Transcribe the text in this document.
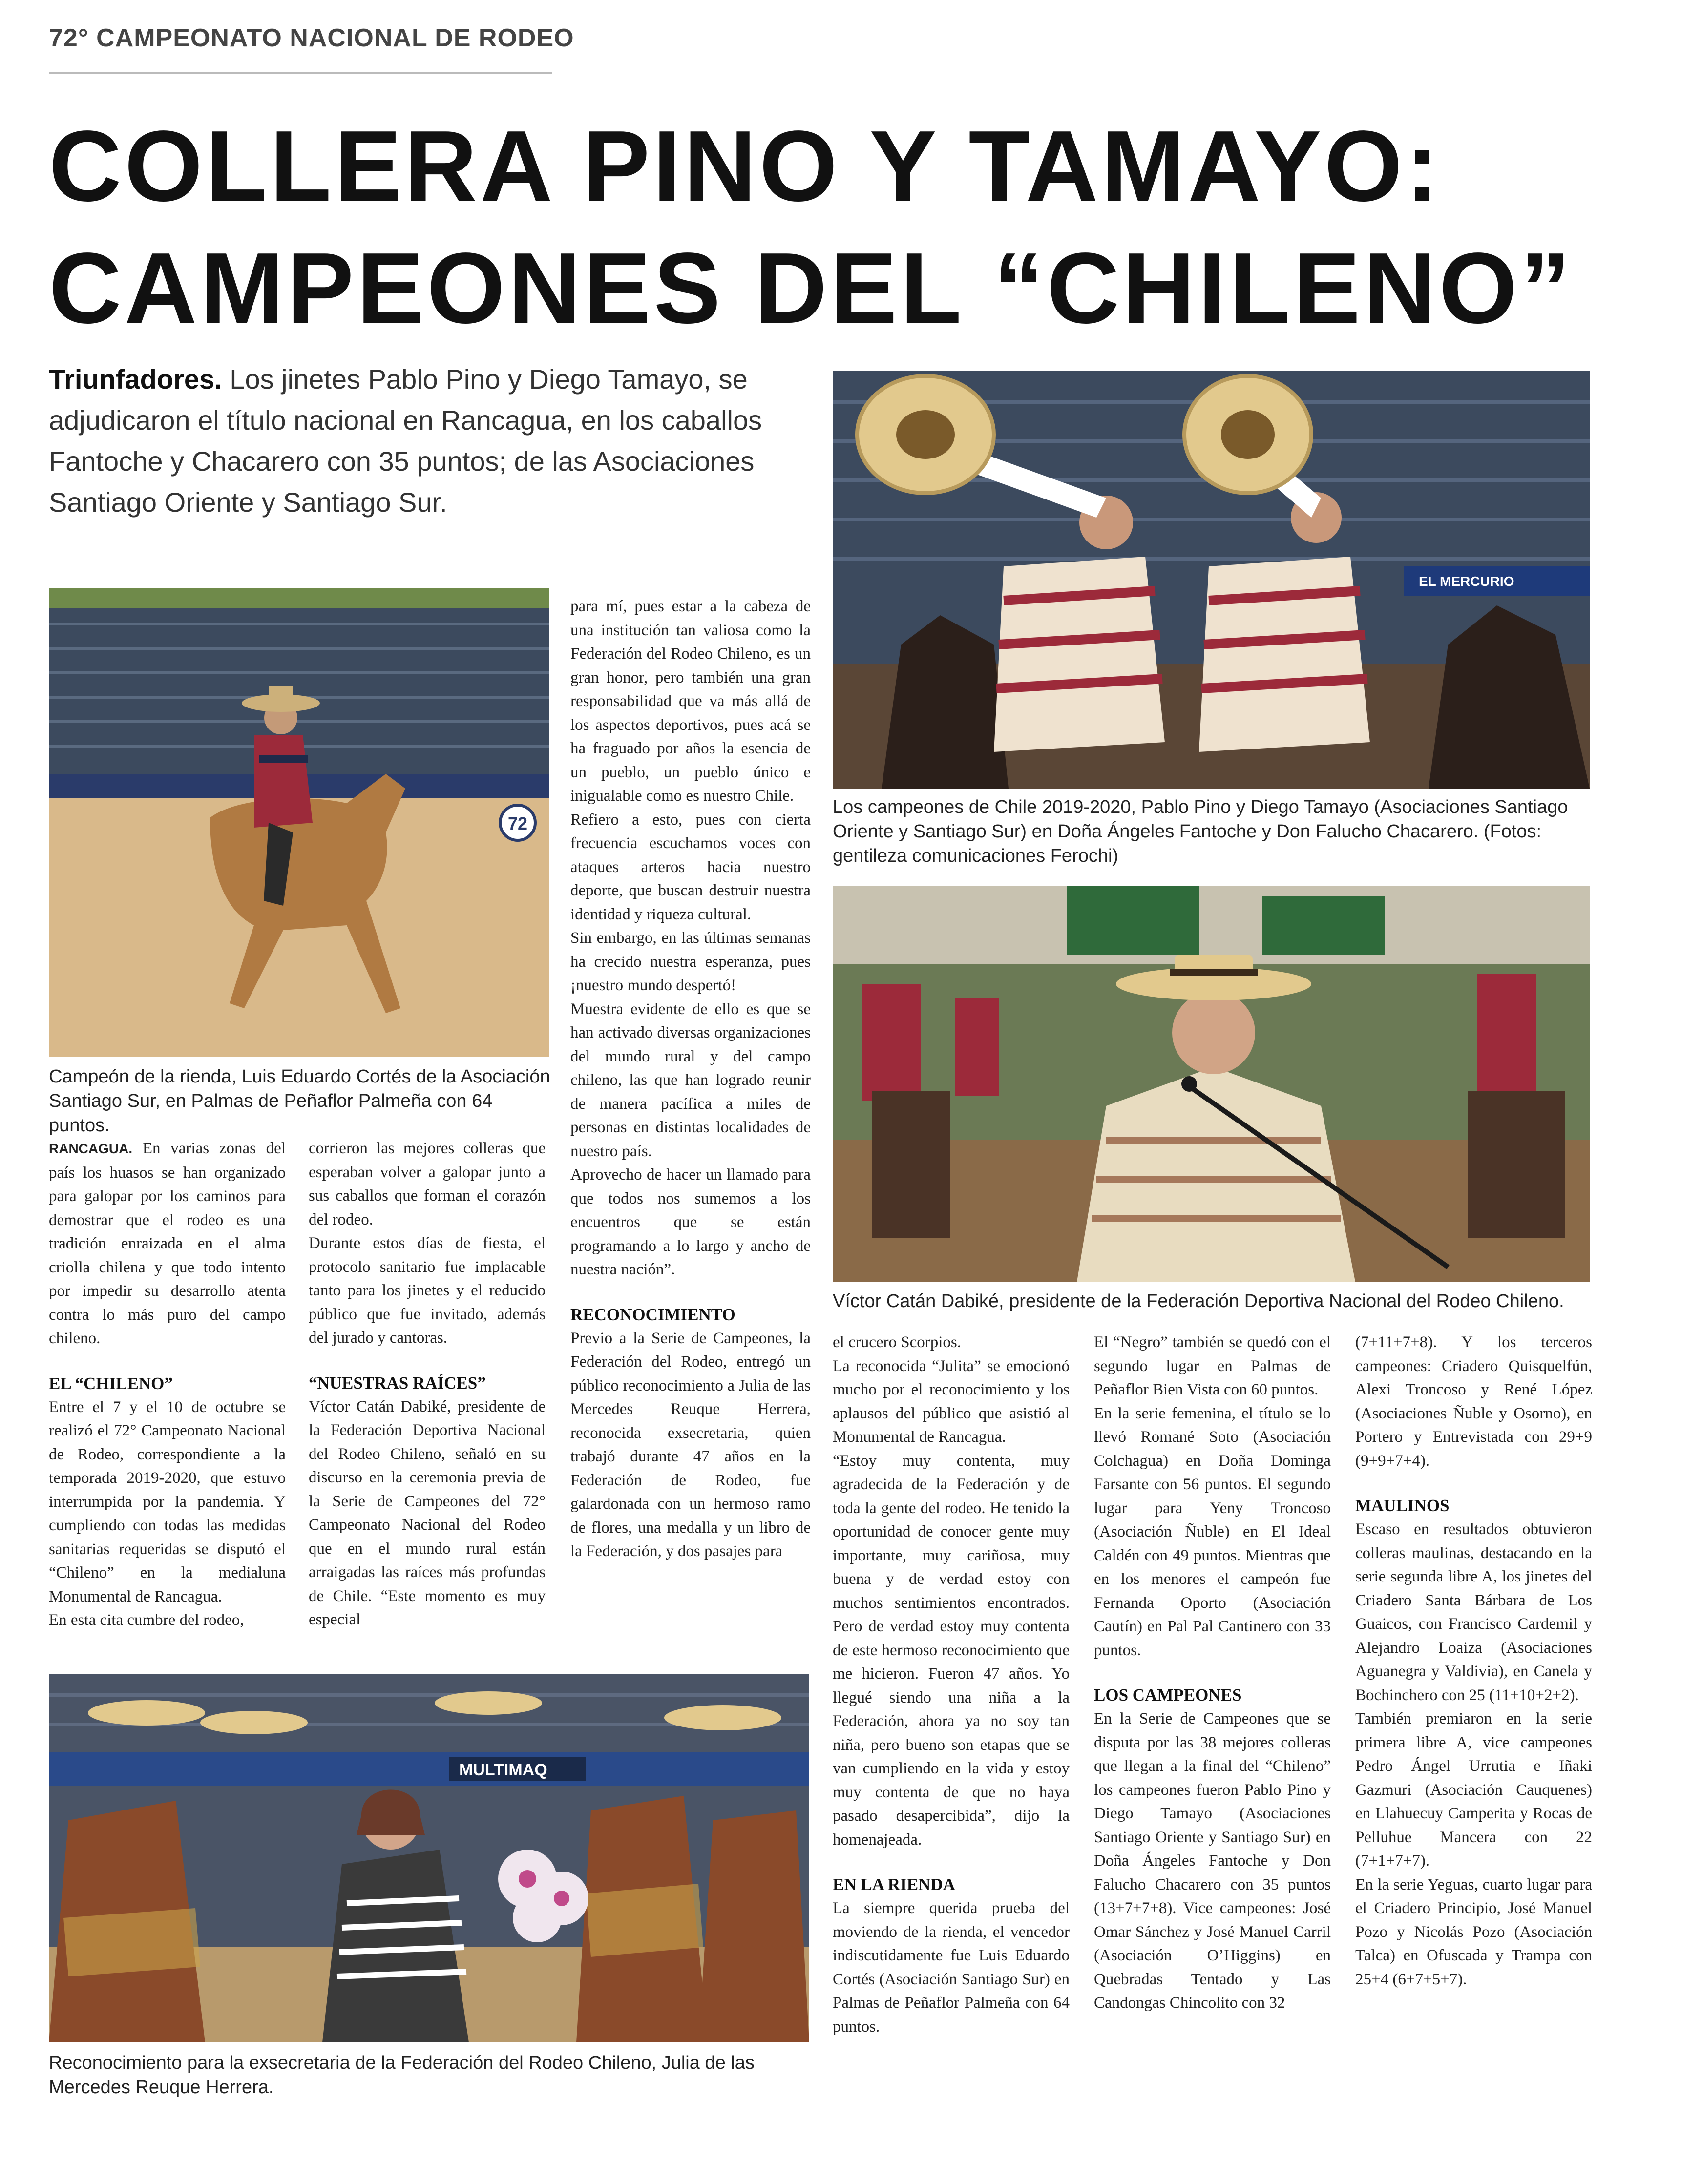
72° CAMPEONATO NACIONAL DE RODEO
COLLERA PINO Y TAMAYO:
CAMPEONES DEL “CHILENO”
Triunfadores. Los jinetes Pablo Pino y Diego Tamayo, se adjudicaron el título nacional en Rancagua, en los caballos Fantoche y Chacarero con 35 puntos; de las Asociaciones Santiago Oriente y Santiago Sur.
72
Campeón de la rienda, Luis Eduardo Cortés de la Asociación Santiago Sur, en Palmas de Peñaflor Palmeña con 64 puntos.
EL MERCURIO
Los campeones de Chile 2019-2020, Pablo Pino y Diego Tamayo (Asociaciones Santiago Oriente y Santiago Sur) en Doña Ángeles Fantoche y Don Falucho Chacarero. (Fotos: gentileza comunicaciones Ferochi)
Víctor Catán Dabiké, presidente de la Federación Deportiva Nacional del Rodeo Chileno.
MULTIMAQ
Reconocimiento para la exsecretaria de la Federación del Rodeo Chileno, Julia de las Mercedes Reuque Herrera.

RANCAGUA. En varias zonas del país los huasos se han organizado para galopar por los caminos para demostrar que el rodeo es una tradición enraizada en el alma criolla chilena y que todo intento por impedir su desarrollo atenta contra lo más puro del campo chileno.

EL “CHILENO”

Entre el 7 y el 10 de octubre se realizó el 72° Campeonato Nacional de Rodeo, correspondiente a la temporada 2019-2020, que estuvo interrumpida por la pandemia. Y cumpliendo con todas las medidas sanitarias requeridas se disputó el “Chileno” en la medialuna Monumental de Rancagua.

En esta cita cumbre del rodeo,

corrieron las mejores colleras que esperaban volver a galopar junto a sus caballos que forman el corazón del rodeo.

Durante estos días de fiesta, el protocolo sanitario fue implacable tanto para los jinetes y el reducido público que fue invitado, además del jurado y cantoras.

“NUESTRAS RAÍCES”

Víctor Catán Dabiké, presidente de la Federación Deportiva Nacional del Rodeo Chileno, señaló en su discurso en la ceremonia previa de la Serie de Campeones del 72° Campeonato Nacional del Rodeo que en el mundo rural están arraigadas las raíces más profundas de Chile. “Este momento es muy especial

para mí, pues estar a la cabeza de una institución tan valiosa como la Federación del Rodeo Chileno, es un gran honor, pero también una gran responsabilidad que va más allá de los aspectos deportivos, pues acá se ha fraguado por años la esencia de un pueblo, un pueblo único e inigualable como es nuestro Chile.

Refiero a esto, pues con cierta frecuencia escuchamos voces con ataques arteros hacia nuestro deporte, que buscan destruir nuestra identidad y riqueza cultural.

Sin embargo, en las últimas semanas ha crecido nuestra esperanza, pues ¡nuestro mundo despertó!

Muestra evidente de ello es que se han activado diversas organizaciones del mundo rural y del campo chileno, las que han logrado reunir de manera pacífica a miles de personas en distintas localidades de nuestro país.

Aprovecho de hacer un llamado para que todos nos sumemos a los encuentros que se están programando a lo largo y ancho de nuestra nación”.

RECONOCIMIENTO

Previo a la Serie de Campeones, la Federación del Rodeo, entregó un público reconocimiento a Julia de las Mercedes Reuque Herrera, reconocida exsecretaria, quien trabajó durante 47 años en la Federación de Rodeo, fue galardonada con un hermoso ramo de flores, una medalla y un libro de la Federación, y dos pasajes para

el crucero Scorpios.

La reconocida “Julita” se emocionó mucho por el reconocimiento y los aplausos del público que asistió al Monumental de Rancagua.

“Estoy muy contenta, muy agradecida de la Federación y de toda la gente del rodeo. He tenido la oportunidad de conocer gente muy importante, muy cariñosa, muy buena y de verdad estoy con muchos sentimientos encontrados. Pero de verdad estoy muy contenta de este hermoso reconocimiento que me hicieron. Fueron 47 años. Yo llegué siendo una niña a la Federación, ahora ya no soy tan niña, pero bueno son etapas que se van cumpliendo en la vida y estoy muy contenta de que no haya pasado desapercibida”, dijo la homenajeada.

EN LA RIENDA

La siempre querida prueba del moviendo de la rienda, el vencedor indiscutidamente fue Luis Eduardo Cortés (Asociación Santiago Sur) en Palmas de Peñaflor Palmeña con 64 puntos.

El “Negro” también se quedó con el segundo lugar en Palmas de Peñaflor Bien Vista con 60 puntos.

En la serie femenina, el título se lo llevó Romané Soto (Asociación Colchagua) en Doña Dominga Farsante con 56 puntos. El segundo lugar para Yeny Troncoso (Asociación Ñuble) en El Ideal Caldén con 49 puntos. Mientras que en los menores el campeón fue Fernanda Oporto (Asociación Cautín) en Pal Pal Cantinero con 33 puntos.

LOS CAMPEONES

En la Serie de Campeones que se disputa por las 38 mejores colleras que llegan a la final del “Chileno” los campeones fueron Pablo Pino y Diego Tamayo (Asociaciones Santiago Oriente y Santiago Sur) en Doña Ángeles Fantoche y Don Falucho Chacarero con 35 puntos (13+7+7+8). Vice campeones: José Omar Sánchez y José Manuel Carril (Asociación O’Higgins) en Quebradas Tentado y Las Candongas Chincolito con 32

(7+11+7+8). Y los terceros campeones: Criadero Quisquelfún, Alexi Troncoso y René López (Asociaciones Ñuble y Osorno), en Portero y Entrevistada con 29+9 (9+9+7+4).

MAULINOS

Escaso en resultados obtuvieron colleras maulinas, destacando en la serie segunda libre A, los jinetes del Criadero Santa Bárbara de Los Guaicos, con Francisco Cardemil y Alejandro Loaiza (Asociaciones Aguanegra y Valdivia), en Canela y Bochinchero con 25 (11+10+2+2).

También premiaron en la serie primera libre A, vice campeones Pedro Ángel Urrutia e Iñaki Gazmuri (Asociación Cauquenes) en Llahuecuy Camperita y Rocas de Pelluhue Mancera con 22 (7+1+7+7).

En la serie Yeguas, cuarto lugar para el Criadero Principio, José Manuel Pozo y Nicolás Pozo (Asociación Talca) en Ofuscada y Trampa con 25+4 (6+7+5+7).
